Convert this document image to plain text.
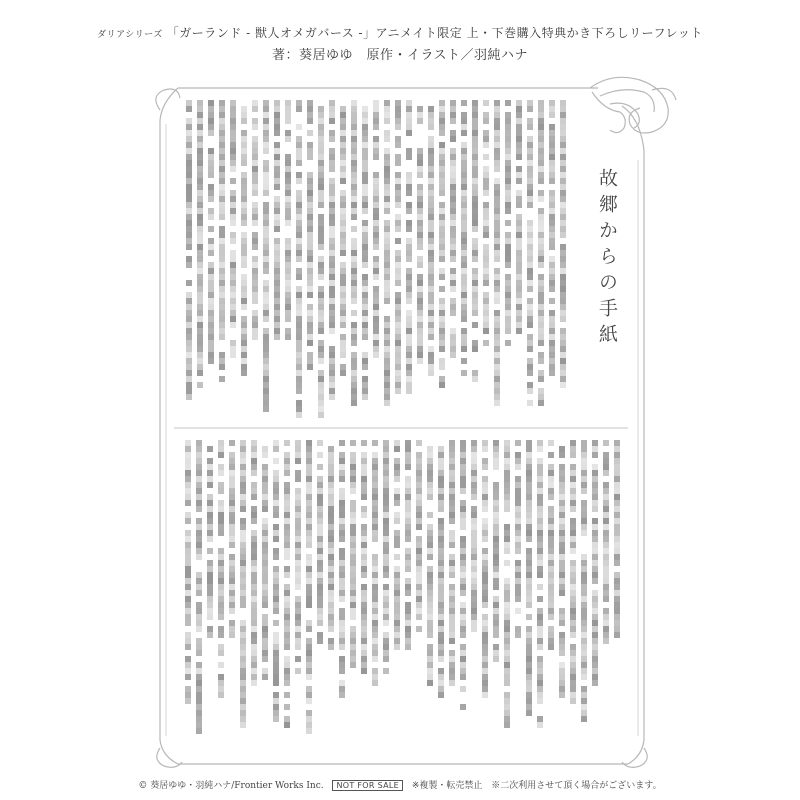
ダリアシリーズ 「ガーランド - 獣人オメガバース -」アニメイト限定 上・下巻購入特典かき下ろしリーフレット
著：葵居ゆゆ　原作・イラスト／羽純ハナ
故郷からの手紙
© 葵居ゆゆ・羽純ハナ/Frontier Works Inc. NOT FOR SALE ※複製・転売禁止 ※二次利用させて頂く場合がございます。
